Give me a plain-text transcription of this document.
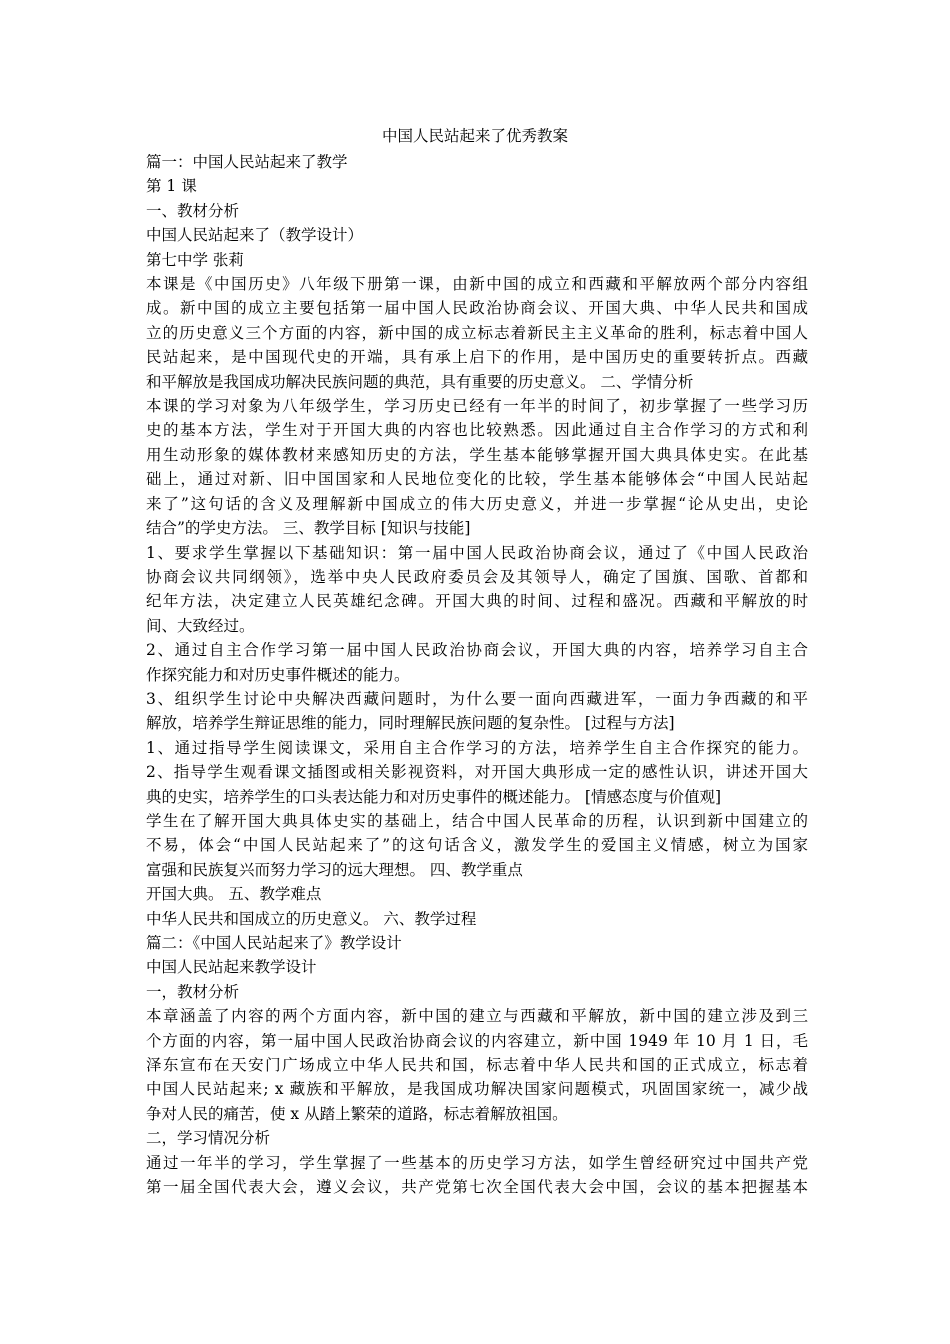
中国人民站起来了优秀教案
篇一：中国人民站起来了教学
第 1 课
一、教材分析
中国人民站起来了（教学设计）
第七中学 张莉
本课是《中国历史》八年级下册第一课，由新中国的成立和西藏和平解放两个部分内容组
成。新中国的成立主要包括第一届中国人民政治协商会议、开国大典、中华人民共和国成
立的历史意义三个方面的内容，新中国的成立标志着新民主主义革命的胜利，标志着中国人
民站起来，是中国现代史的开端，具有承上启下的作用，是中国历史的重要转折点。西藏
和平解放是我国成功解决民族问题的典范，具有重要的历史意义。 二、学情分析
本课的学习对象为八年级学生，学习历史已经有一年半的时间了，初步掌握了一些学习历
史的基本方法，学生对于开国大典的内容也比较熟悉。因此通过自主合作学习的方式和利
用生动形象的媒体教材来感知历史的方法，学生基本能够掌握开国大典具体史实。在此基
础上，通过对新、旧中国国家和人民地位变化的比较，学生基本能够体会“中国人民站起
来了”这句话的含义及理解新中国成立的伟大历史意义，并进一步掌握“论从史出，史论
结合”的学史方法。 三、教学目标 [知识与技能]
1、要求学生掌握以下基础知识：第一届中国人民政治协商会议，通过了《中国人民政治
协商会议共同纲领》，选举中央人民政府委员会及其领导人，确定了国旗、国歌、首都和
纪年方法，决定建立人民英雄纪念碑。开国大典的时间、过程和盛况。西藏和平解放的时
间、大致经过。
2、通过自主合作学习第一届中国人民政治协商会议，开国大典的内容，培养学习自主合
作探究能力和对历史事件概述的能力。
3、组织学生讨论中央解决西藏问题时，为什么要一面向西藏进军，一面力争西藏的和平
解放，培养学生辩证思维的能力，同时理解民族问题的复杂性。 [过程与方法]
1、通过指导学生阅读课文，采用自主合作学习的方法，培养学生自主合作探究的能力。
2、指导学生观看课文插图或相关影视资料，对开国大典形成一定的感性认识，讲述开国大
典的史实，培养学生的口头表达能力和对历史事件的概述能力。 [情感态度与价值观]
学生在了解开国大典具体史实的基础上，结合中国人民革命的历程，认识到新中国建立的
不易，体会“中国人民站起来了”的这句话含义，激发学生的爱国主义情感，树立为国家
富强和民族复兴而努力学习的远大理想。 四、教学重点
开国大典。 五、教学难点
中华人民共和国成立的历史意义。 六、教学过程
篇二：《中国人民站起来了》教学设计
中国人民站起来教学设计
一，教材分析
本章涵盖了内容的两个方面内容，新中国的建立与西藏和平解放，新中国的建立涉及到三
个方面的内容，第一届中国人民政治协商会议的内容建立，新中国 1949 年 10 月 1 日，毛
泽东宣布在天安门广场成立中华人民共和国，标志着中华人民共和国的正式成立，标志着
中国人民站起来; x 藏族和平解放，是我国成功解决国家问题模式，巩固国家统一，减少战
争对人民的痛苦，使 x 从踏上繁荣的道路，标志着解放祖国。
二，学习情况分析
通过一年半的学习，学生掌握了一些基本的历史学习方法，如学生曾经研究过中国共产党
第一届全国代表大会，遵义会议，共产党第七次全国代表大会中国，会议的基本把握基本
